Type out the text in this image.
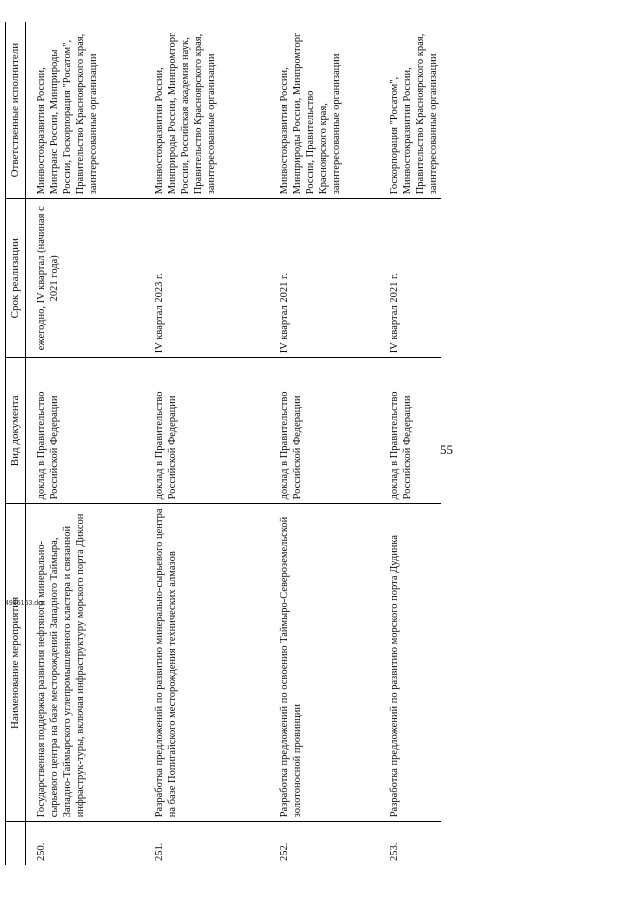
	Наименование мероприятия	Вид документа	Срок реализации	Ответственные исполнители

250.	Государственная поддержка развития нефтяного минерально-сырьевого центра на базе месторождений Западного Таймыра, Западно-Таймырского углепромышленного кластера и связанной инфраструк-туры, включая инфраструктуру морского порта Диксон	доклад в Правительство Российской Федерации	ежегодно, IV квартал (начиная с 2021 года)	Минвостокразвития России, Минтранс России, Минприроды России, Госкорпорация "Росатом", Правительство Красноярского края, заинтересованные организации
251.	Разработка предложений по развитию минерально-сырьевого центра на базе Попигайского месторождения технических алмазов	доклад в Правительство Российской Федерации	IV квартал 2023 г.	Минвостокразвития России, Минприроды России, Минпромторг России, Российская академия наук, Правительство Красноярского края, заинтересованные организации
252.	Разработка предложений по освоению Таймыро-Североземельской золотоносной провинции	доклад в Правительство Российской Федерации	IV квартал 2021 г.	Минвостокразвития России, Минприроды России, Минпромторг России, Правительство Красноярского края, заинтересованные организации
253.	Разработка предложений по развитию морского порта Дудинка	доклад в Правительство Российской Федерации	IV квартал 2021 г.	Госкорпорация "Росатом", Минвостокразвития России, Правительство Красноярского края, заинтересованные организации
55
4986163.doc
